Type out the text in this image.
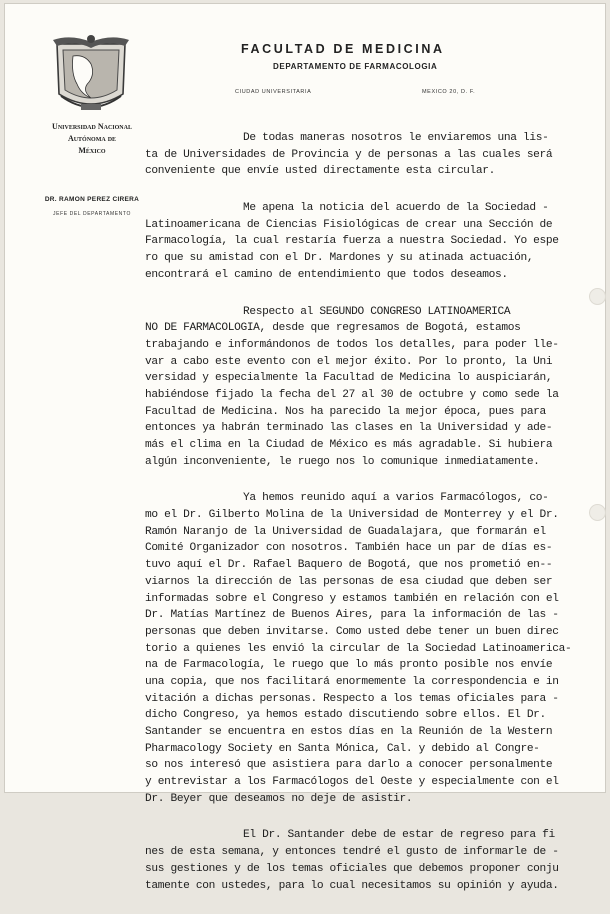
FACULTAD DE MEDICINA
DEPARTAMENTO DE FARMACOLOGIA
CIUDAD UNIVERSITARIA	MEXICO 20, D. F.
Universidad Nacional
Autónoma de
México
DR. RAMON PEREZ CIRERA
JEFE DEL DEPARTAMENTO
De todas maneras nosotros le enviaremos una lis-
ta de Universidades de Provincia y de personas a las cuales será
conveniente que envíe usted directamente esta circular.
Me apena la noticia del acuerdo de la Sociedad -
Latinoamericana de Ciencias Fisiológicas de crear una Sección de
Farmacología, la cual restaría fuerza a nuestra Sociedad. Yo espe
ro que su amistad con el Dr. Mardones y su atinada actuación,
encontrará el camino de entendimiento que todos deseamos.
Respecto al SEGUNDO CONGRESO LATINOAMERICA
NO DE FARMACOLOGIA, desde que regresamos de Bogotá, estamos
trabajando e informándonos de todos los detalles, para poder lle-
var a cabo este evento con el mejor éxito. Por lo pronto, la Uni
versidad y especialmente la Facultad de Medicina lo auspiciarán,
habiéndose fijado la fecha del 27 al 30 de octubre y como sede la
Facultad de Medicina. Nos ha parecido la mejor época, pues para
entonces ya habrán terminado las clases en la Universidad y ade-
más el clima en la Ciudad de México es más agradable. Si hubiera
algún inconveniente, le ruego nos lo comunique inmediatamente.
Ya hemos reunido aquí a varios Farmacólogos, co-
mo el Dr. Gilberto Molina de la Universidad de Monterrey y el Dr.
Ramón Naranjo de la Universidad de Guadalajara, que formarán el
Comité Organizador con nosotros. También hace un par de días es-
tuvo aquí el Dr. Rafael Baquero de Bogotá, que nos prometió en--
viarnos la dirección de las personas de esa ciudad que deben ser
informadas sobre el Congreso y estamos también en relación con el
Dr. Matías Martínez de Buenos Aires, para la información de las -
personas que deben invitarse. Como usted debe tener un buen direc
torio a quienes les envió la circular de la Sociedad Latinoamerica-
na de Farmacología, le ruego que lo más pronto posible nos envíe
una copia, que nos facilitará enormemente la correspondencia e in
vitación a dichas personas. Respecto a los temas oficiales para -
dicho Congreso, ya hemos estado discutiendo sobre ellos. El Dr.
Santander se encuentra en estos días en la Reunión de la Western
Pharmacology Society en Santa Mónica, Cal. y debido al Congre-
so nos interesó que asistiera para darlo a conocer personalmente
y entrevistar a los Farmacólogos del Oeste y especialmente con el
Dr. Beyer que deseamos no deje de asistir.
El Dr. Santander debe de estar de regreso para fi
nes de esta semana, y entonces tendré el gusto de informarle de -
sus gestiones y de los temas oficiales que debemos proponer conju
tamente con ustedes, para lo cual necesitamos su opinión y ayuda.
